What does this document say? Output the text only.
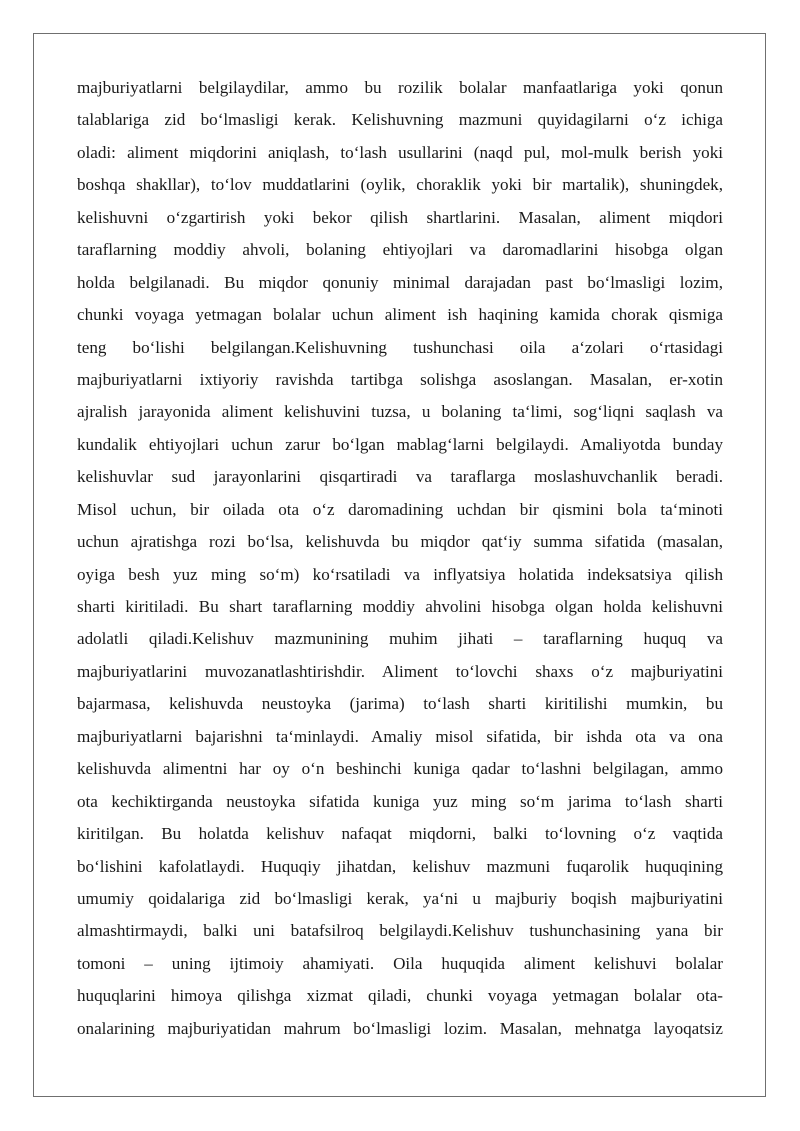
majburiyatlarni belgilaydilar, ammo bu rozilik bolalar manfaatlariga yoki qonun
talablariga zid bo‘lmasligi kerak. Kelishuvning mazmuni quyidagilarni o‘z ichiga
oladi: aliment miqdorini aniqlash, to‘lash usullarini (naqd pul, mol-mulk berish yoki
boshqa shakllar), to‘lov muddatlarini (oylik, choraklik yoki bir martalik), shuningdek,
kelishuvni o‘zgartirish yoki bekor qilish shartlarini. Masalan, aliment miqdori
taraflarning moddiy ahvoli, bolaning ehtiyojlari va daromadlarini hisobga olgan
holda belgilanadi. Bu miqdor qonuniy minimal darajadan past bo‘lmasligi lozim,
chunki voyaga yetmagan bolalar uchun aliment ish haqining kamida chorak qismiga
teng bo‘lishi belgilangan.Kelishuvning tushunchasi oila a‘zolari o‘rtasidagi
majburiyatlarni ixtiyoriy ravishda tartibga solishga asoslangan. Masalan, er-xotin
ajralish jarayonida aliment kelishuvini tuzsa, u bolaning ta‘limi, sog‘liqni saqlash va
kundalik ehtiyojlari uchun zarur bo‘lgan mablag‘larni belgilaydi. Amaliyotda bunday
kelishuvlar sud jarayonlarini qisqartiradi va taraflarga moslashuvchanlik beradi.
Misol uchun, bir oilada ota o‘z daromadining uchdan bir qismini bola ta‘minoti
uchun ajratishga rozi bo‘lsa, kelishuvda bu miqdor qat‘iy summa sifatida (masalan,
oyiga besh yuz ming so‘m) ko‘rsatiladi va inflyatsiya holatida indeksatsiya qilish
sharti kiritiladi. Bu shart taraflarning moddiy ahvolini hisobga olgan holda kelishuvni
adolatli qiladi.Kelishuv mazmunining muhim jihati – taraflarning huquq va
majburiyatlarini muvozanatlashtirishdir. Aliment to‘lovchi shaxs o‘z majburiyatini
bajarmasa, kelishuvda neustoyka (jarima) to‘lash sharti kiritilishi mumkin, bu
majburiyatlarni bajarishni ta‘minlaydi. Amaliy misol sifatida, bir ishda ota va ona
kelishuvda alimentni har oy o‘n beshinchi kuniga qadar to‘lashni belgilagan, ammo
ota kechiktirganda neustoyka sifatida kuniga yuz ming so‘m jarima to‘lash sharti
kiritilgan. Bu holatda kelishuv nafaqat miqdorni, balki to‘lovning o‘z vaqtida
bo‘lishini kafolatlaydi. Huquqiy jihatdan, kelishuv mazmuni fuqarolik huquqining
umumiy qoidalariga zid bo‘lmasligi kerak, ya‘ni u majburiy boqish majburiyatini
almashtirmaydi, balki uni batafsilroq belgilaydi.Kelishuv tushunchasining yana bir
tomoni – uning ijtimoiy ahamiyati. Oila huquqida aliment kelishuvi bolalar
huquqlarini himoya qilishga xizmat qiladi, chunki voyaga yetmagan bolalar ota-
onalarining majburiyatidan mahrum bo‘lmasligi lozim. Masalan, mehnatga layoqatsiz
